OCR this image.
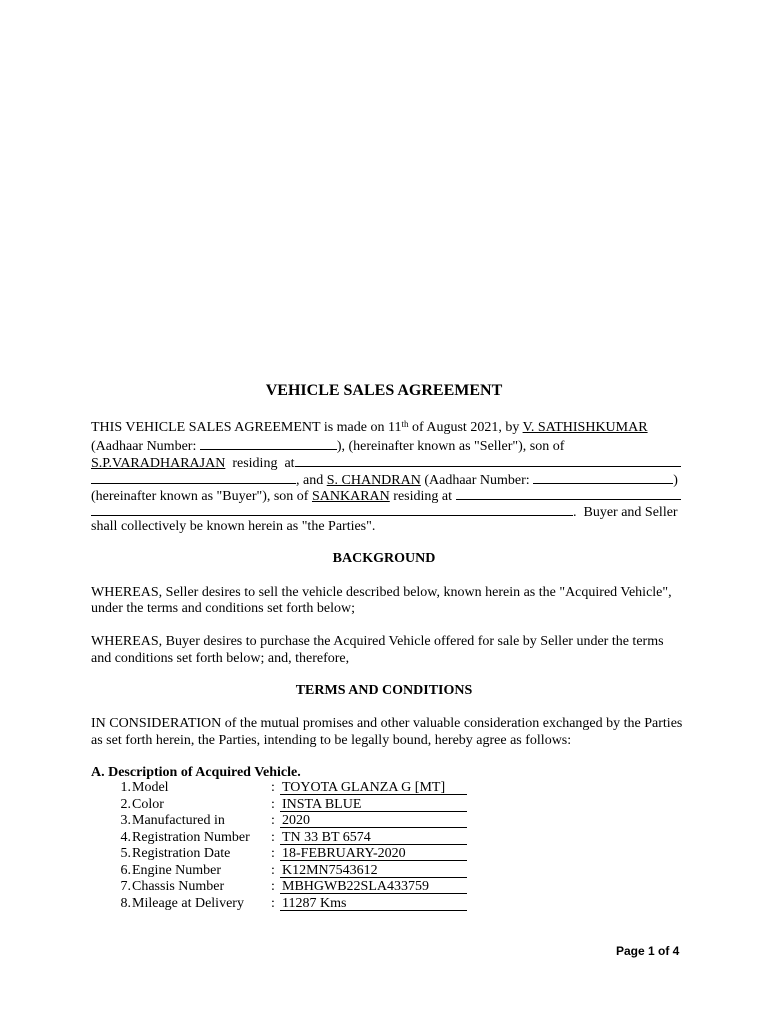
VEHICLE SALES AGREEMENT
THIS VEHICLE SALES AGREEMENT is made on 11th of August 2021, by V. SATHISHKUMAR
(Aadhaar Number:	), (hereinafter known as "Seller"), son of
S.P.VARADHARAJAN  residing  at
, and S. CHANDRAN (Aadhaar Number:	)
(hereinafter known as "Buyer"), son of SANKARAN residing at
.  Buyer and Seller
shall collectively be known herein as "the Parties".
BACKGROUND
WHEREAS, Seller desires to sell the vehicle described below, known herein as the "Acquired Vehicle",
under the terms and conditions set forth below;
WHEREAS, Buyer desires to purchase the Acquired Vehicle offered for sale by Seller under the terms
and conditions set forth below; and, therefore,
TERMS AND CONDITIONS
IN CONSIDERATION of the mutual promises and other valuable consideration exchanged by the Parties
as set forth herein, the Parties, intending to be legally bound, hereby agree as follows:
A. Description of Acquired Vehicle.
1. Model	: TOYOTA GLANZA G [MT]
2. Color	: INSTA BLUE
3. Manufactured in	: 2020
4. Registration Number : TN 33 BT 6574
5. Registration Date	: 18-FEBRUARY-2020
6. Engine Number	: K12MN7543612
7. Chassis Number	: MBHGWB22SLA433759
8. Mileage at Delivery : 11287 Kms
Page 1 of 4
